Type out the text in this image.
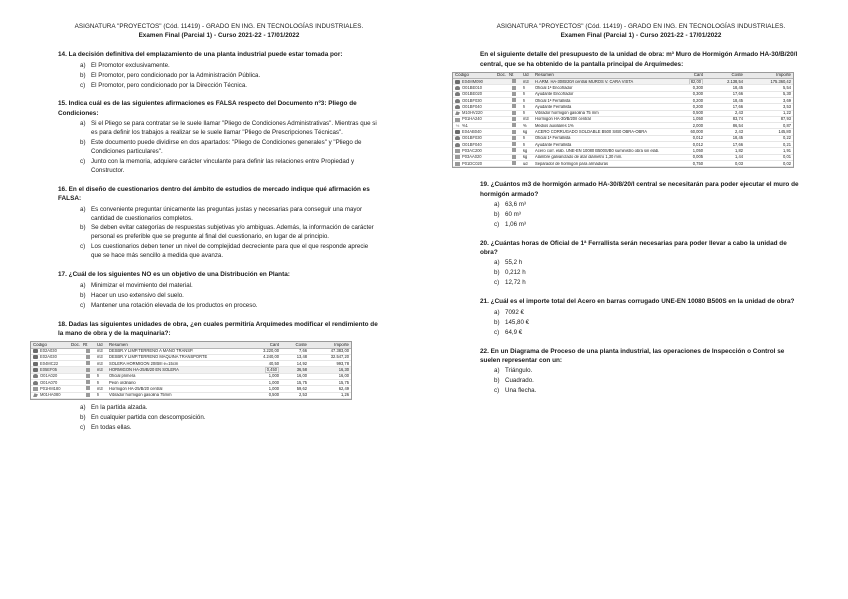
ASIGNATURA "PROYECTOS" (Cód. 11419) - GRADO EN ING. EN TECNOLOGÍAS INDUSTRIALES.
Examen Final (Parcial 1) - Curso 2021-22 - 17/01/2022
14. La decisión definitiva del emplazamiento de una planta industrial puede estar tomada por:
a) El Promotor exclusivamente.
b) El Promotor, pero condicionado por la Administración Pública.
c) El Promotor, pero condicionado por la Dirección Técnica.
15. Indica cuál es de las siguientes afirmaciones es FALSA respecto del Documento nº3: Pliego de Condiciones:
a) Si el Pliego se para contratar se le suele llamar "Pliego de Condiciones Administrativas". Mientras que si es para definir los trabajos a realizar se le suele llamar "Pliego de Prescripciones Técnicas".
b) Este documento puede dividirse en dos apartados: "Pliego de Condiciones generales" y "Pliego de Condiciones particulares".
c) Junto con la memoria, adquiere carácter vinculante para definir las relaciones entre Propiedad y Constructor.
16. En el diseño de cuestionarios dentro del ámbito de estudios de mercado indique qué afirmación es FALSA:
a) Es conveniente preguntar únicamente las preguntas justas y necesarias para conseguir una mayor cantidad de cuestionarios completos.
b) Se deben evitar categorías de respuestas subjetivas y/o ambiguas. Además, la información de carácter personal es preferible que se pregunte al final del cuestionario, en lugar de al principio.
c) Los cuestionarios deben tener un nivel de complejidad decreciente para que el que responde aprecie que se hace más sencillo a medida que avanza.
17. ¿Cuál de los siguientes NO es un objetivo de una Distribución en Planta:
a) Minimizar el movimiento del material.
b) Hacer un uso extensivo del suelo.
c) Mantener una rotación elevada de los productos en proceso.
18. Dadas las siguientes unidades de obra, ¿en cuales permitiría Arquímedes modificar el rendimiento de la mano de obra y de la maquinaria?:
Código	Doc. Rt	Ud	Resumen	Cant	Coste	Importe
E02A030	m3	DESBR.Y LIMP.TERRENO A MANO TRANSP.	3.220,00	7,66	47.383,00
E02A030	m3	DESBR.Y LIMP.TERRENO MÁQUINA TRANSPORTE	4.240,00	13,48	32.547,20
E04MC22	m3	SOLERA HORMIGÓN 20/B/II e=15cm	40,50	14,92	993,78
E05EF05	m3	HORMIGÓN HA-25/B/20 EN SOLERA	0,450	36,58	16,30
O01A020	h	Oficial primera	1,000	16,00	16,00
O01A070	h	Peón ordinario	1,000	15,75	15,75
P01HM180	m3	Hormigón HA-25/B/20 central	1,000	59,62	62,49
M01HA080	h	Vibrador hormigón gasolina 75mm	0,500	2,53	1,26
a) En la partida alzada.
b) En cualquier partida con descomposición.
c) En todas ellas.
ASIGNATURA "PROYECTOS" (Cód. 11419) - GRADO EN ING. EN TECNOLOGÍAS INDUSTRIALES.
Examen Final (Parcial 1) - Curso 2021-22 - 17/01/2022
En el siguiente detalle del presupuesto de la unidad de obra: m³ Muro de Hormigón Armado HA-30/B/20/I central, que se ha obtenido de la pantalla principal de Arquímedes:
Código	Doc. Nt	Ud	Resumen	Cant	Coste	Importe
E04MM090	m3	H.ARM. HA-30/B/20/I central MUROS V. CARA VISTA	82,00	2.138,54	175.360,42
O01BE010	h	Oficial 1ª Encofrador	0,300	18,45	5,54
O01BE020	h	Ayudante Encofrador	0,300	17,66	5,30
O01BF030	h	Oficial 1ª Ferrallista	0,200	18,45	3,69
O01BF040	h	Ayudante Ferrallista	0,200	17,66	3,53
M10HV220	h	Vibrador hormigón gasolina 75 mm	0,500	2,43	1,22
P01HA240	m3	Hormigón HA-30/B/20/I central	1,050	83,74	87,93
% %1	%	Medios auxiliares 1%	2,000	86,54	0,87
E04AB040	kg	ACERO CORRUGADO SOLDABLE B500 S/B0 OBRA-OBRA	60,000	2,43	145,80
O01BF030	h	Oficial 1ª Ferrallista	0,012	18,45	0,22
O01BF040	h	Ayudante Ferrallista	0,012	17,66	0,21
P03AC200	kg	Acero corr. elab. UNE-EN 10080 B500S/B0 suministro obra sin elab.	1,050	1,82	1,91
P03AA020	kg	Alambre galvanizado de atar diámetro 1,30 mm.	0,005	1,44	0,01
P01DC020	ud	Separador de hormigón para armaduras	0,750	0,03	0,02
19. ¿Cuántos m3 de hormigón armado HA-30/8/20/I central se necesitarán para poder ejecutar el muro de hormigón armado?
a) 63,6 m³
b) 60 m³
c) 1,06 m³
20. ¿Cuántas horas de Oficial de 1ª Ferrallista serán necesarias para poder llevar a cabo la unidad de obra?
a) 55,2 h
b) 0,212 h
c) 12,72 h
21. ¿Cuál es el importe total del Acero en barras corrugado UNE-EN 10080 B500S en la unidad de obra?
a) 7092 €
b) 145,80 €
c) 64,9 €
22. En un Diagrama de Proceso de una planta industrial, las operaciones de Inspección o Control se suelen representar con un:
a) Triángulo.
b) Cuadrado.
c) Una flecha.
